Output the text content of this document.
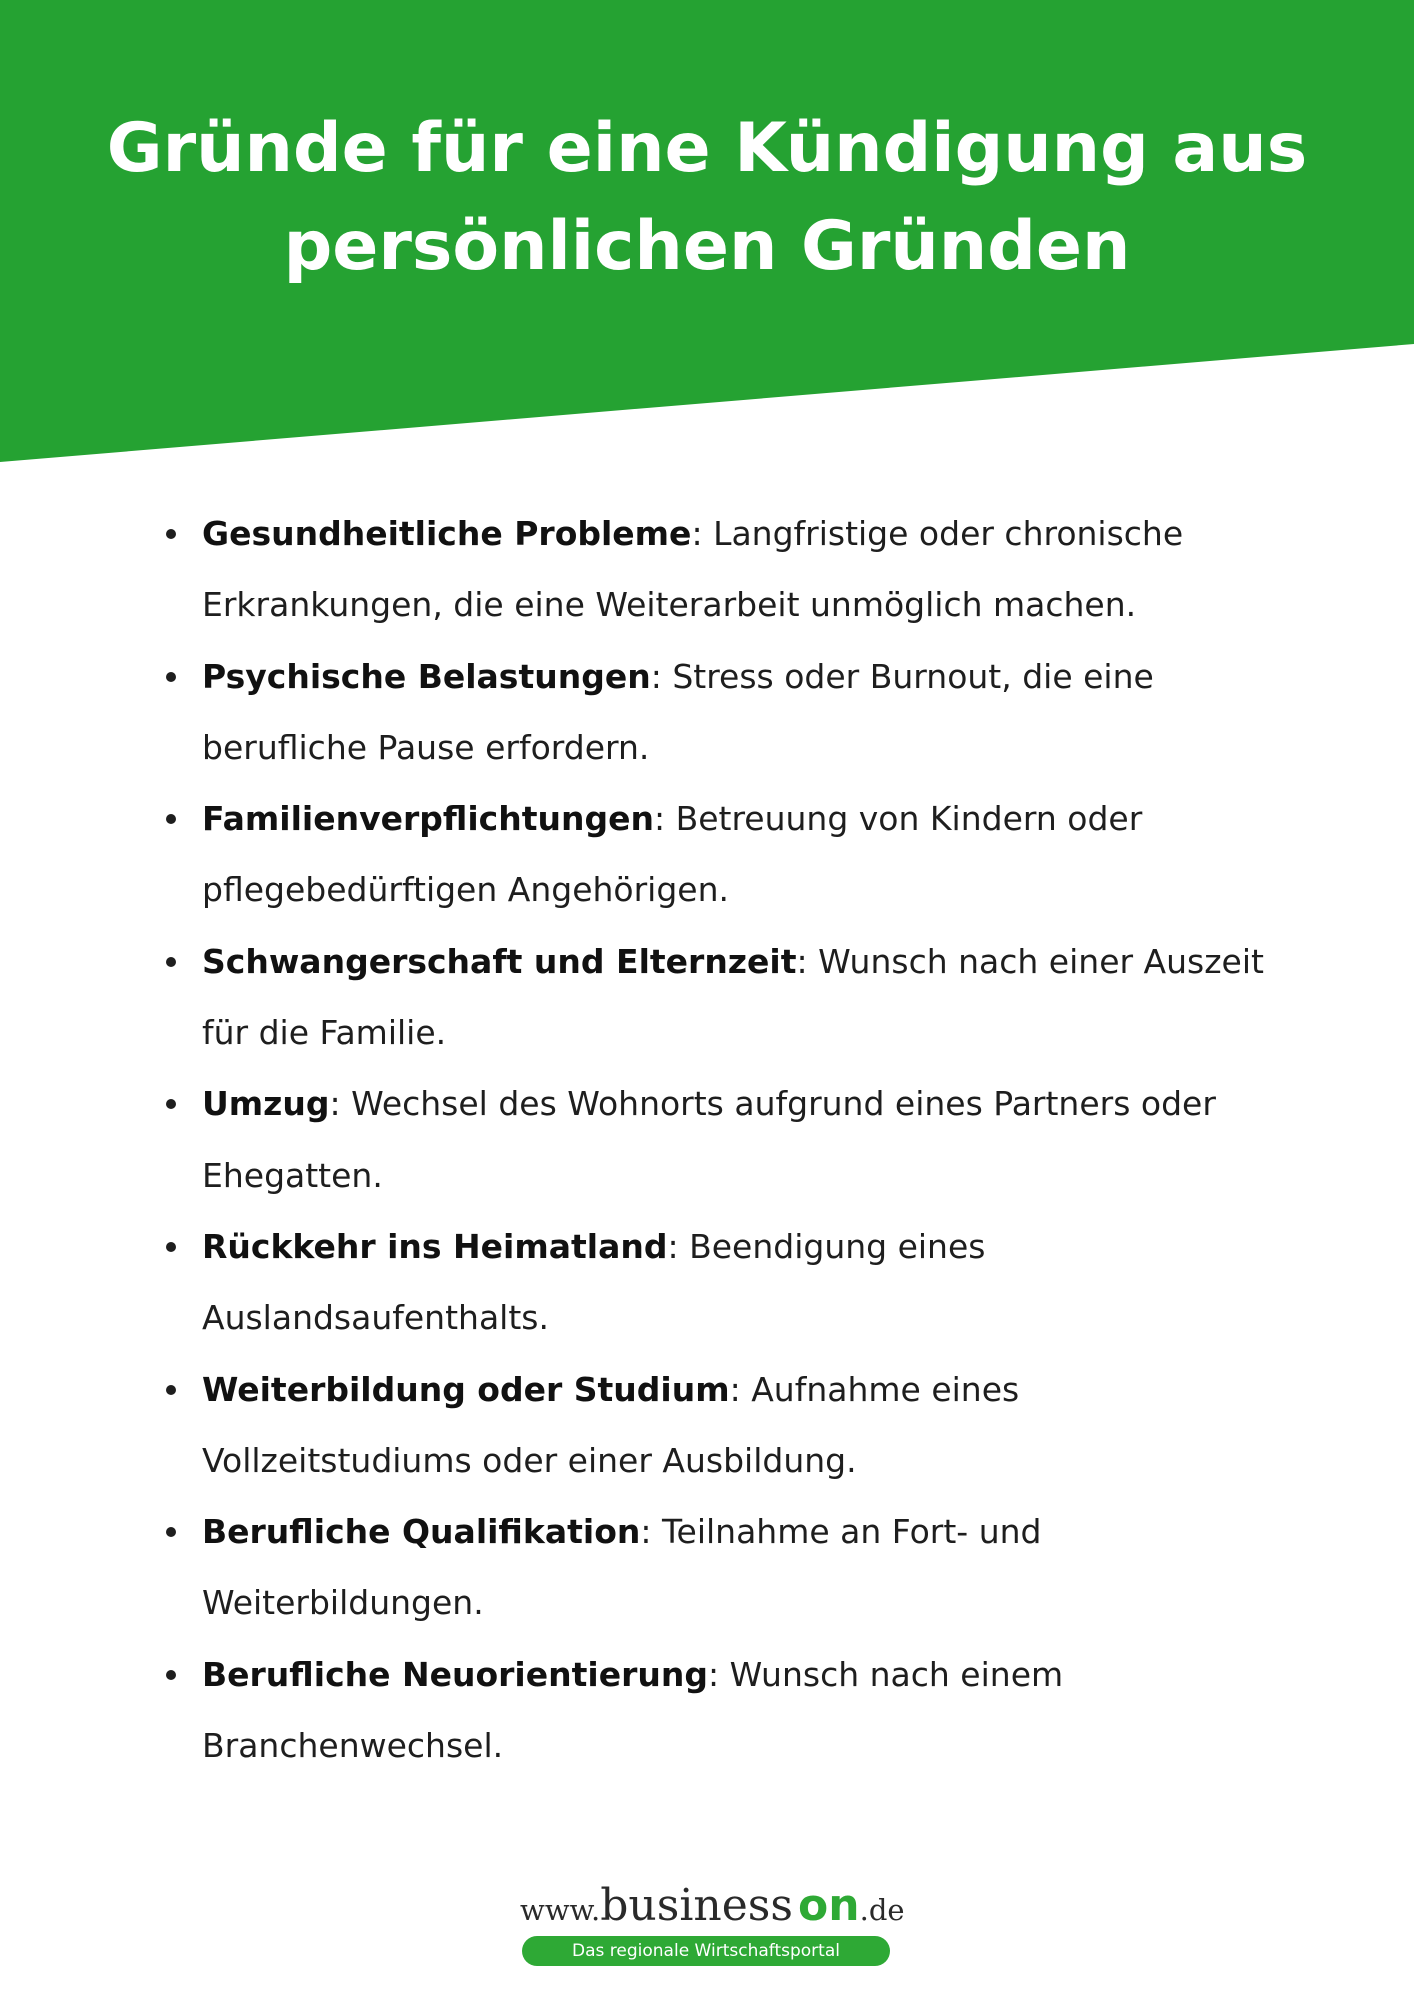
Gründe für eine Kündigung aus
persönlichen Gründen
Gesundheitliche Probleme: Langfristige oder chronische
Erkrankungen, die eine Weiterarbeit unmöglich machen.
Psychische Belastungen: Stress oder Burnout, die eine
berufliche Pause erfordern.
Familienverpflichtungen: Betreuung von Kindern oder
pflegebedürftigen Angehörigen.
Schwangerschaft und Elternzeit: Wunsch nach einer Auszeit
für die Familie.
Umzug: Wechsel des Wohnorts aufgrund eines Partners oder
Ehegatten.
Rückkehr ins Heimatland: Beendigung eines
Auslandsaufenthalts.
Weiterbildung oder Studium: Aufnahme eines
Vollzeitstudiums oder einer Ausbildung.
Berufliche Qualifikation: Teilnahme an Fort- und
Weiterbildungen.
Berufliche Neuorientierung: Wunsch nach einem
Branchenwechsel.
www.business on.de
Das regionale Wirtschaftsportal
